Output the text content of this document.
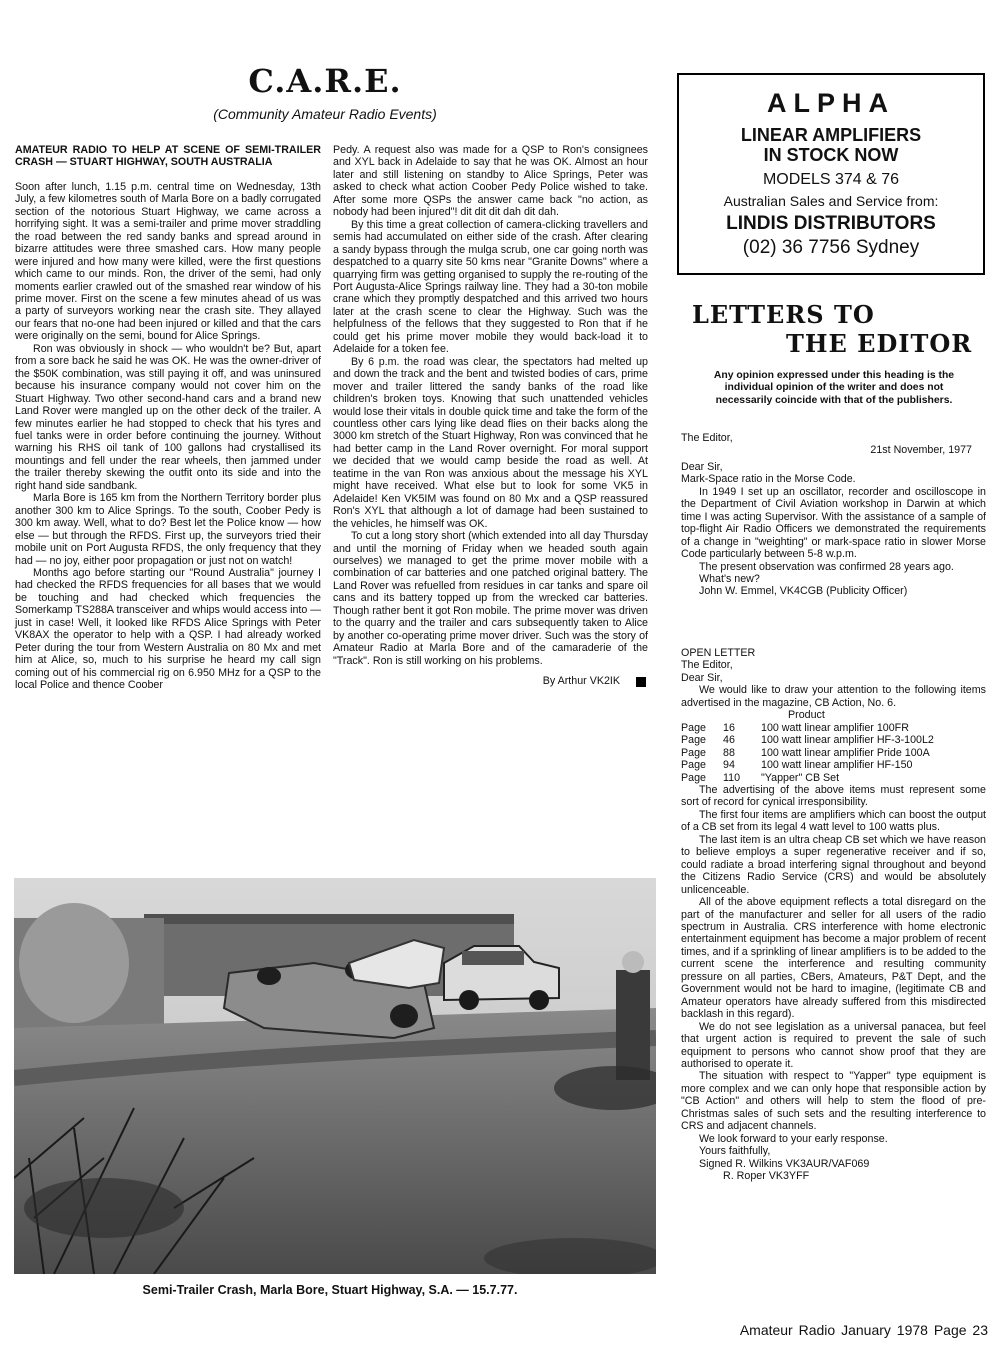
C.A.R.E.
(Community Amateur Radio Events)

AMATEUR RADIO TO HELP AT SCENE OF SEMI-TRAILER CRASH — STUART HIGHWAY, SOUTH AUSTRALIA

Soon after lunch, 1.15 p.m. central time on Wednesday, 13th July, a few kilometres south of Marla Bore on a badly corrugated section of the notorious Stuart Highway, we came across a horrifying sight. It was a semi-trailer and prime mover straddling the road between the red sandy banks and spread around in bizarre attitudes were three smashed cars. How many people were injured and how many were killed, were the first questions which came to our minds. Ron, the driver of the semi, had only moments earlier crawled out of the smashed rear window of his prime mover. First on the scene a few minutes ahead of us was a party of surveyors working near the crash site. They allayed our fears that no-one had been injured or killed and that the cars were originally on the semi, bound for Alice Springs.

Ron was obviously in shock — who wouldn't be? But, apart from a sore back he said he was OK. He was the owner-driver of the $50K combination, was still paying it off, and was uninsured because his insurance company would not cover him on the Stuart Highway. Two other second-hand cars and a brand new Land Rover were mangled up on the other deck of the trailer. A few minutes earlier he had stopped to check that his tyres and fuel tanks were in order before continuing the journey. Without warning his RHS oil tank of 100 gallons had crystallised its mountings and fell under the rear wheels, then jammed under the trailer thereby skewing the outfit onto its side and into the right hand side sandbank.

Marla Bore is 165 km from the Northern Territory border plus another 300 km to Alice Springs. To the south, Coober Pedy is 300 km away. Well, what to do? Best let the Police know — how else — but through the RFDS. First up, the surveyors tried their mobile unit on Port Augusta RFDS, the only frequency that they had — no joy, either poor propagation or just not on watch!

Months ago before starting our "Round Australia" journey I had checked the RFDS frequencies for all bases that we would be touching and had checked which frequencies the Somerkamp TS288A transceiver and whips would access into — just in case! Well, it looked like RFDS Alice Springs with Peter VK8AX the operator to help with a QSP. I had already worked Peter during the tour from Western Australia on 80 Mx and met him at Alice, so, much to his surprise he heard my call sign coming out of his commercial rig on 6.950 MHz for a QSP to the local Police and thence Coober

Pedy. A request also was made for a QSP to Ron's consignees and XYL back in Adelaide to say that he was OK. Almost an hour later and still listening on standby to Alice Springs, Peter was asked to check what action Coober Pedy Police wished to take. After some more QSPs the answer came back "no action, as nobody had been injured"! dit dit dit dah dit dah.

By this time a great collection of camera-clicking travellers and semis had accumulated on either side of the crash. After clearing a sandy bypass through the mulga scrub, one car going north was despatched to a quarry site 50 kms near "Granite Downs" where a quarrying firm was getting organised to supply the re-routing of the Port Augusta-Alice Springs railway line. They had a 30-ton mobile crane which they promptly despatched and this arrived two hours later at the crash scene to clear the Highway. Such was the helpfulness of the fellows that they suggested to Ron that if he could get his prime mover mobile they would back-load it to Adelaide for a token fee.

By 6 p.m. the road was clear, the spectators had melted up and down the track and the bent and twisted bodies of cars, prime mover and trailer littered the sandy banks of the road like children's broken toys. Knowing that such unattended vehicles would lose their vitals in double quick time and take the form of the countless other cars lying like dead flies on their backs along the 3000 km stretch of the Stuart Highway, Ron was convinced that he had better camp in the Land Rover overnight. For moral support we decided that we would camp beside the road as well. At teatime in the van Ron was anxious about the message his XYL might have received. What else but to look for some VK5 in Adelaide! Ken VK5IM was found on 80 Mx and a QSP reassured Ron's XYL that although a lot of damage had been sustained to the vehicles, he himself was OK.

To cut a long story short (which extended into all day Thursday and until the morning of Friday when we headed south again ourselves) we managed to get the prime mover mobile with a combination of car batteries and one patched original battery. The Land Rover was refuelled from residues in car tanks and spare oil cans and its battery topped up from the wrecked car batteries. Though rather bent it got Ron mobile. The prime mover was driven to the quarry and the trailer and cars subsequently taken to Alice by another co-operating prime mover driver. Such was the story of Amateur Radio at Marla Bore and of the camaraderie of the "Track". Ron is still working on his problems.

By Arthur VK2IK
Semi-Trailer Crash, Marla Bore, Stuart Highway, S.A. — 15.7.77.
ALPHA
LINEAR AMPLIFIERS
IN STOCK NOW
MODELS 374 & 76
Australian Sales and Service from:
LINDIS DISTRIBUTORS
(02) 36 7756 Sydney
LETTERS TO
THE EDITOR
Any opinion expressed under this heading is the individual opinion of the writer and does not necessarily coincide with that of the publishers.

The Editor,

21st November, 1977

Dear Sir,

Mark-Space ratio in the Morse Code.

In 1949 I set up an oscillator, recorder and oscilloscope in the Department of Civil Aviation workshop in Darwin at which time I was acting Supervisor. With the assistance of a sample of top-flight Air Radio Officers we demonstrated the requirements of a change in "weighting" or mark-space ratio in slower Morse Code particularly between 5-8 w.p.m.

The present observation was confirmed 28 years ago.

What's new?

John W. Emmel, VK4CGB (Publicity Officer)

OPEN LETTER

The Editor,

Dear Sir,

We would like to draw your attention to the following items advertised in the magazine, CB Action, No. 6.

Product

Page	16	100 watt linear amplifier 100FR
Page	46	100 watt linear amplifier HF-3-100L2
Page	88	100 watt linear amplifier Pride 100A
Page	94	100 watt linear amplifier HF-150
Page	110	"Yapper" CB Set

The advertising of the above items must represent some sort of record for cynical irresponsibility.

The first four items are amplifiers which can boost the output of a CB set from its legal 4 watt level to 100 watts plus.

The last item is an ultra cheap CB set which we have reason to believe employs a super regenerative receiver and if so, could radiate a broad interfering signal throughout and beyond the Citizens Radio Service (CRS) and would be absolutely unlicenceable.

All of the above equipment reflects a total disregard on the part of the manufacturer and seller for all users of the radio spectrum in Australia. CRS interference with home electronic entertainment equipment has become a major problem of recent times, and if a sprinkling of linear amplifiers is to be added to the current scene the interference and resulting community pressure on all parties, CBers, Amateurs, P&T Dept, and the Government would not be hard to imagine, (legitimate CB and Amateur operators have already suffered from this misdirected backlash in this regard).

We do not see legislation as a universal panacea, but feel that urgent action is required to prevent the sale of such equipment to persons who cannot show proof that they are authorised to operate it.

The situation with respect to "Yapper" type equipment is more complex and we can only hope that responsible action by "CB Action" and others will help to stem the flood of pre-Christmas sales of such sets and the resulting interference to CRS and adjacent channels.

We look forward to your early response.

Yours faithfully,

Signed R. Wilkins VK3AUR/VAF069

R. Roper VK3YFF

Amateur Radio January 1978 Page 23
